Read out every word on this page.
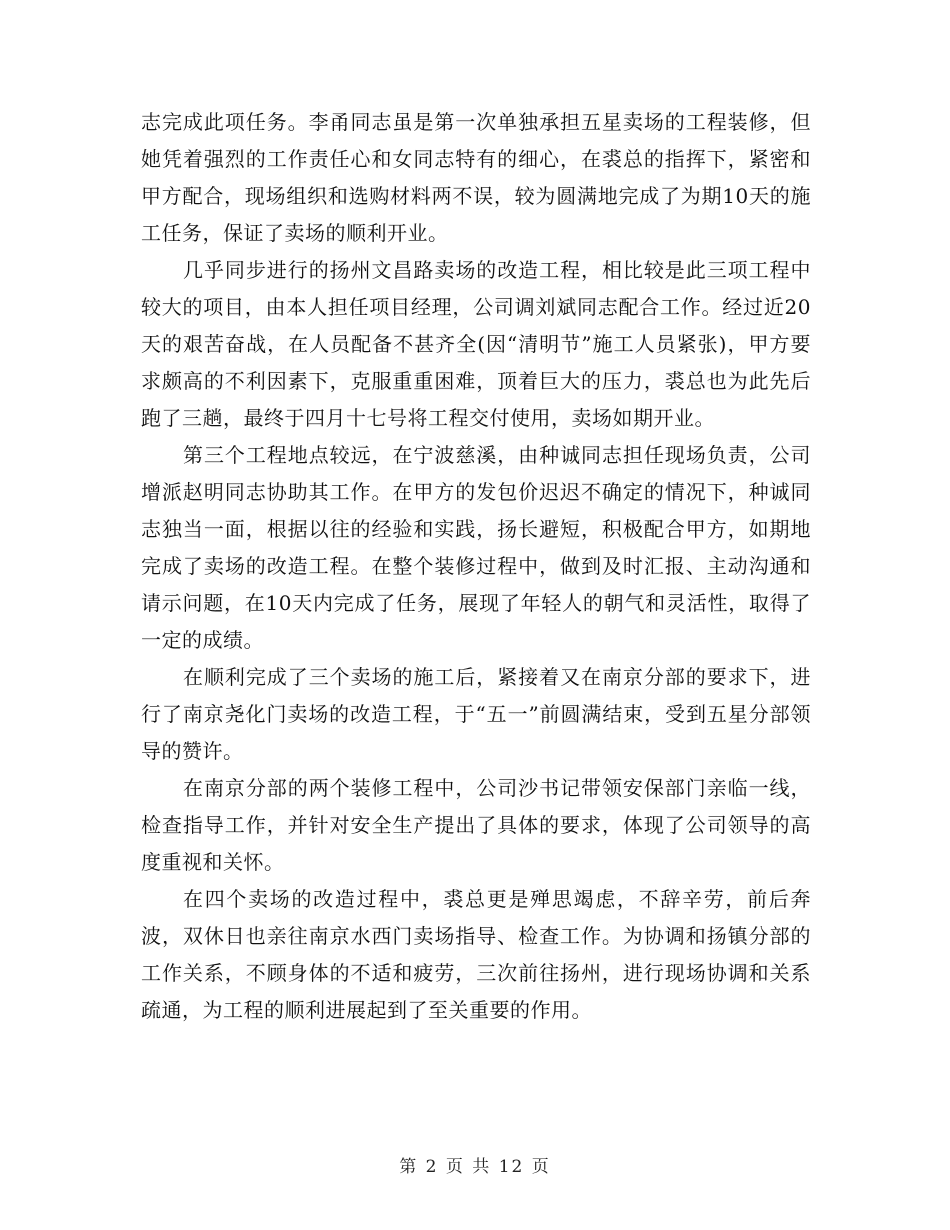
志完成此项任务。李甬同志虽是第一次单独承担五星卖场的工程装修，但她凭着强烈的工作责任心和女同志特有的细心，在裘总的指挥下，紧密和甲方配合，现场组织和选购材料两不误，较为圆满地完成了为期10天的施工任务，保证了卖场的顺利开业。

几乎同步进行的扬州文昌路卖场的改造工程，相比较是此三项工程中较大的项目，由本人担任项目经理，公司调刘斌同志配合工作。经过近20天的艰苦奋战，在人员配备不甚齐全(因“清明节”施工人员紧张)，甲方要求颇高的不利因素下，克服重重困难，顶着巨大的压力，裘总也为此先后跑了三趟，最终于四月十七号将工程交付使用，卖场如期开业。

第三个工程地点较远，在宁波慈溪，由种诚同志担任现场负责，公司增派赵明同志协助其工作。在甲方的发包价迟迟不确定的情况下，种诚同志独当一面，根据以往的经验和实践，扬长避短，积极配合甲方，如期地完成了卖场的改造工程。在整个装修过程中，做到及时汇报、主动沟通和请示问题，在10天内完成了任务，展现了年轻人的朝气和灵活性，取得了一定的成绩。

在顺利完成了三个卖场的施工后，紧接着又在南京分部的要求下，进行了南京尧化门卖场的改造工程，于“五一”前圆满结束，受到五星分部领导的赞许。

在南京分部的两个装修工程中，公司沙书记带领安保部门亲临一线，检查指导工作，并针对安全生产提出了具体的要求，体现了公司领导的高度重视和关怀。

在四个卖场的改造过程中，裘总更是殚思竭虑，不辞辛劳，前后奔波，双休日也亲往南京水西门卖场指导、检查工作。为协调和扬镇分部的工作关系，不顾身体的不适和疲劳，三次前往扬州，进行现场协调和关系疏通，为工程的顺利进展起到了至关重要的作用。

第 2 页 共 12 页
